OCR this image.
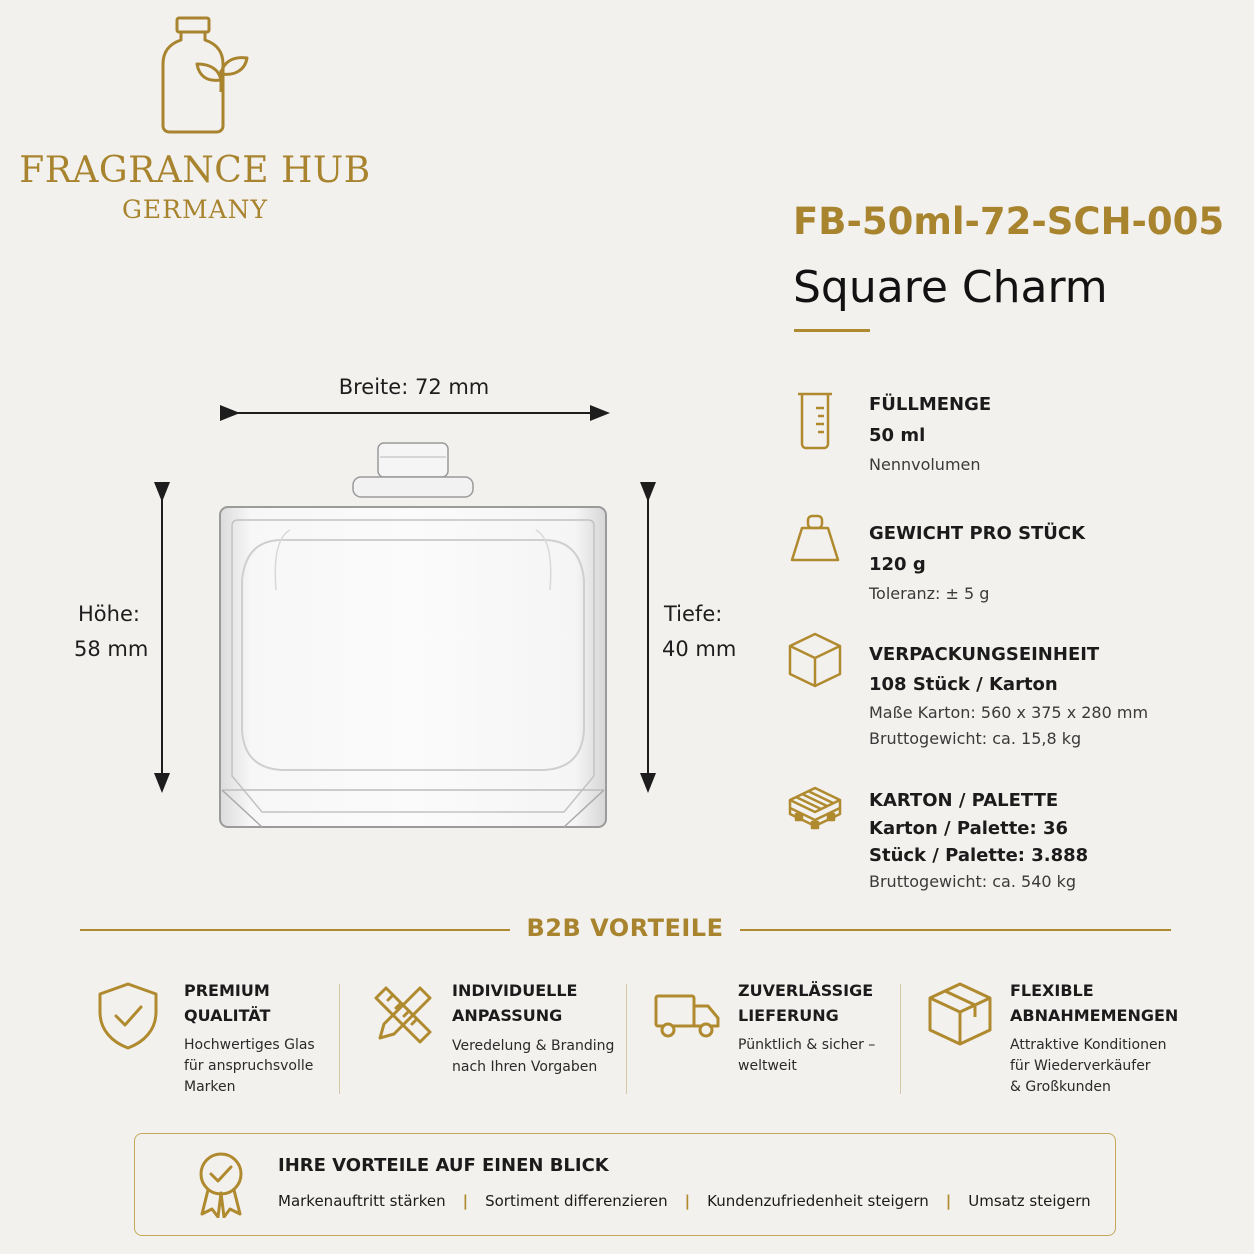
FRAGRANCE HUB
GERMANY	FB-50ml-72-SCH-005
Square Charm
Breite: 72 mm
Höhe:
58 mm
Tiefe:
40 mm
FÜLLMENGE
50 ml
Nennvolumen
GEWICHT PRO STÜCK
120 g
Toleranz: ± 5 g
VERPACKUNGSEINHEIT
108 Stück / Karton
Maße Karton: 560 x 375 x 280 mm
Bruttogewicht: ca. 15,8 kg
KARTON / PALETTE
Karton / Palette: 36
Stück / Palette: 3.888
Bruttogewicht: ca. 540 kg
B2B VORTEILE
PREMIUM
QUALITÄT
Hochwertiges Glas
für anspruchsvolle
Marken
INDIVIDUELLE
ANPASSUNG
Veredelung & Branding
nach Ihren Vorgaben
ZUVERLÄSSIGE
LIEFERUNG
Pünktlich & sicher –
weltweit
FLEXIBLE
ABNAHMEMENGEN
Attraktive Konditionen
für Wiederverkäufer
& Großkunden
IHRE VORTEILE AUF EINEN BLICK
Markenauftritt stärken | Sortiment differenzieren | Kundenzufriedenheit steigern | Umsatz steigern
